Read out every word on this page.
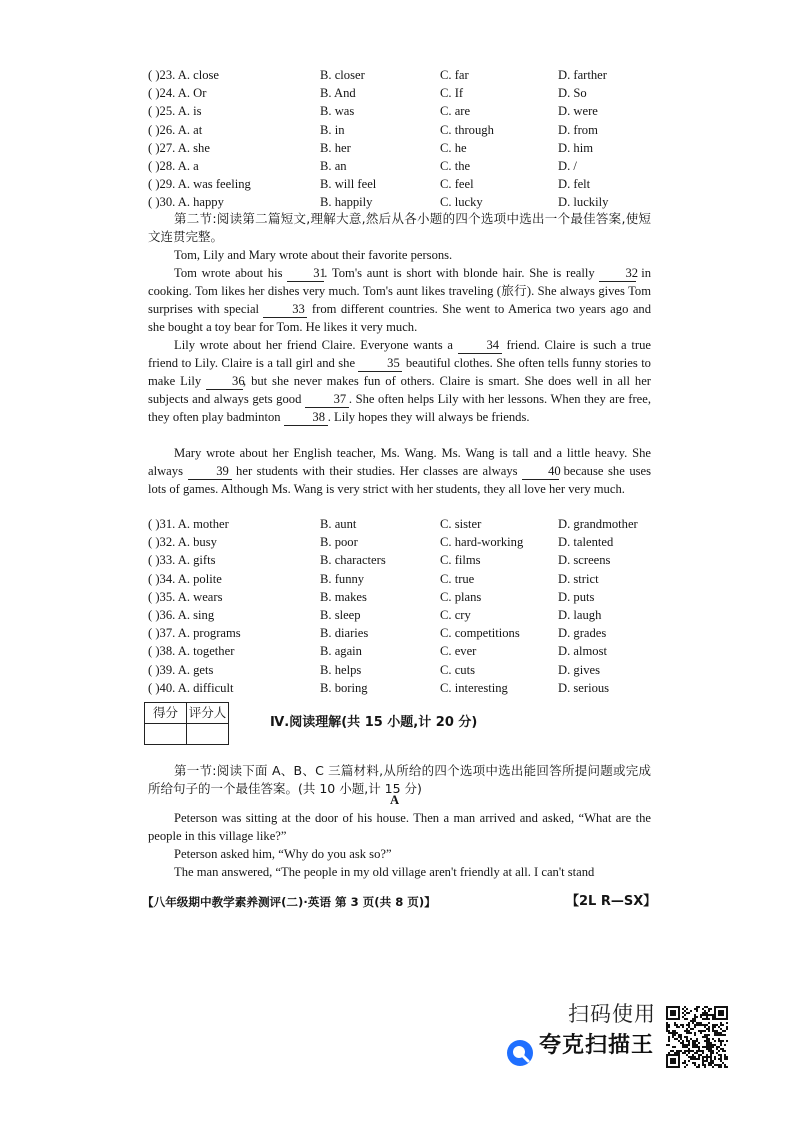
( )23. A. close	B. closer	C. far	D. farther
( )24. A. Or	B. And	C. If	D. So
( )25. A. is	B. was	C. are	D. were
( )26. A. at	B. in	C. through	D. from
( )27. A. she	B. her	C. he	D. him
( )28. A. a	B. an	C. the	D. /
( )29. A. was feeling	B. will feel	C. feel	D. felt
( )30. A. happy	B. happily	C. lucky	D. luckily
第二节:阅读第二篇短文,理解大意,然后从各小题的四个选项中选出一个最佳答案,使短文连贯完整。
Tom, Lily and Mary wrote about their favorite persons.
Tom wrote about his 31. Tom's aunt is short with blonde hair. She is really 32 in cooking. Tom likes her dishes very much. Tom's aunt likes traveling (旅行). She always gives Tom surprises with special 33 from different countries. She went to America two years ago and she bought a toy bear for Tom. He likes it very much.
Lily wrote about her friend Claire. Everyone wants a 34 friend. Claire is such a true friend to Lily. Claire is a tall girl and she 35 beautiful clothes. She often tells funny stories to make Lily 36, but she never makes fun of others. Claire is smart. She does well in all her subjects and always gets good 37 . She often helps Lily with her lessons. When they are free, they often play badminton 38 . Lily hopes they will always be friends.
Mary wrote about her English teacher, Ms. Wang. Ms. Wang is tall and a little heavy. She always 39 her students with their studies. Her classes are always 40 because she uses lots of games. Although Ms. Wang is very strict with her students, they all love her very much.
( )31. A. mother	B. aunt	C. sister	D. grandmother
( )32. A. busy	B. poor	C. hard-working	D. talented
( )33. A. gifts	B. characters	C. films	D. screens
( )34. A. polite	B. funny	C. true	D. strict
( )35. A. wears	B. makes	C. plans	D. puts
( )36. A. sing	B. sleep	C. cry	D. laugh
( )37. A. programs	B. diaries	C. competitions	D. grades
( )38. A. together	B. again	C. ever	D. almost
( )39. A. gets	B. helps	C. cuts	D. gives
( )40. A. difficult	B. boring	C. interesting	D. serious
得分	评分人

Ⅳ.阅读理解(共 15 小题,计 20 分)
第一节:阅读下面 A、B、C 三篇材料,从所给的四个选项中选出能回答所提问题或完成所给句子的一个最佳答案。(共 10 小题,计 15 分)
A
Peterson was sitting at the door of his house. Then a man arrived and asked, “What are the people in this village like?”
Peterson asked him, “Why do you ask so?”
The man answered, “The people in my old village aren't friendly at all. I can't stand
【八年级期中教学素养测评(二)·英语 第 3 页(共 8 页)】	【2L R—SX】
扫码使用
夸克扫描王
